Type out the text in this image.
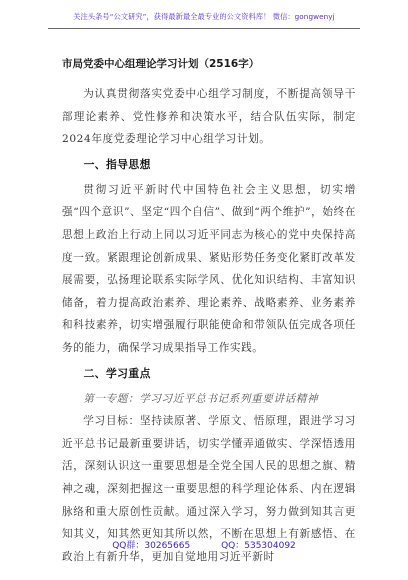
关注头条号“公文研究”，获得最新最全最专业的公文资料库！ 微信：gongwenyj
市局党委中心组理论学习计划（2516字）

为认真贯彻落实党委中心组学习制度，不断提高领导干部理论素养、党性修养和决策水平，结合队伍实际，制定2024年度党委理论学习中心组学习计划。

一、指导思想

贯彻习近平新时代中国特色社会主义思想，切实增强“四个意识”、坚定“四个自信”、做到“两个维护”，始终在思想上政治上行动上同以习近平同志为核心的党中央保持高度一致。紧跟理论创新成果、紧贴形势任务变化紧盯改革发展需要，弘扬理论联系实际学风、优化知识结构、丰富知识储备，着力提高政治素养、理论素养、战略素养、业务素养和科技素养，切实增强履行职能使命和带领队伍完成各项任务的能力，确保学习成果指导工作实践。

二、学习重点

第一专题：学习习近平总书记系列重要讲话精神

学习目标：坚持读原著、学原文、悟原理，跟进学习习近平总书记最新重要讲话，切实学懂弄通做实、学深悟透用活，深刻认识这一重要思想是全党全国人民的思想之旗、精神之魂，深刻把握这一重要思想的科学理论体系、内在逻辑脉络和重大原创性贡献。通过深入学习，努力做到知其言更知其义，知其然更知其所以然，不断在思想上有新感悟、在政治上有新升华，更加自觉地用习近平新时

QQ群：30265665	QQ：535304092
